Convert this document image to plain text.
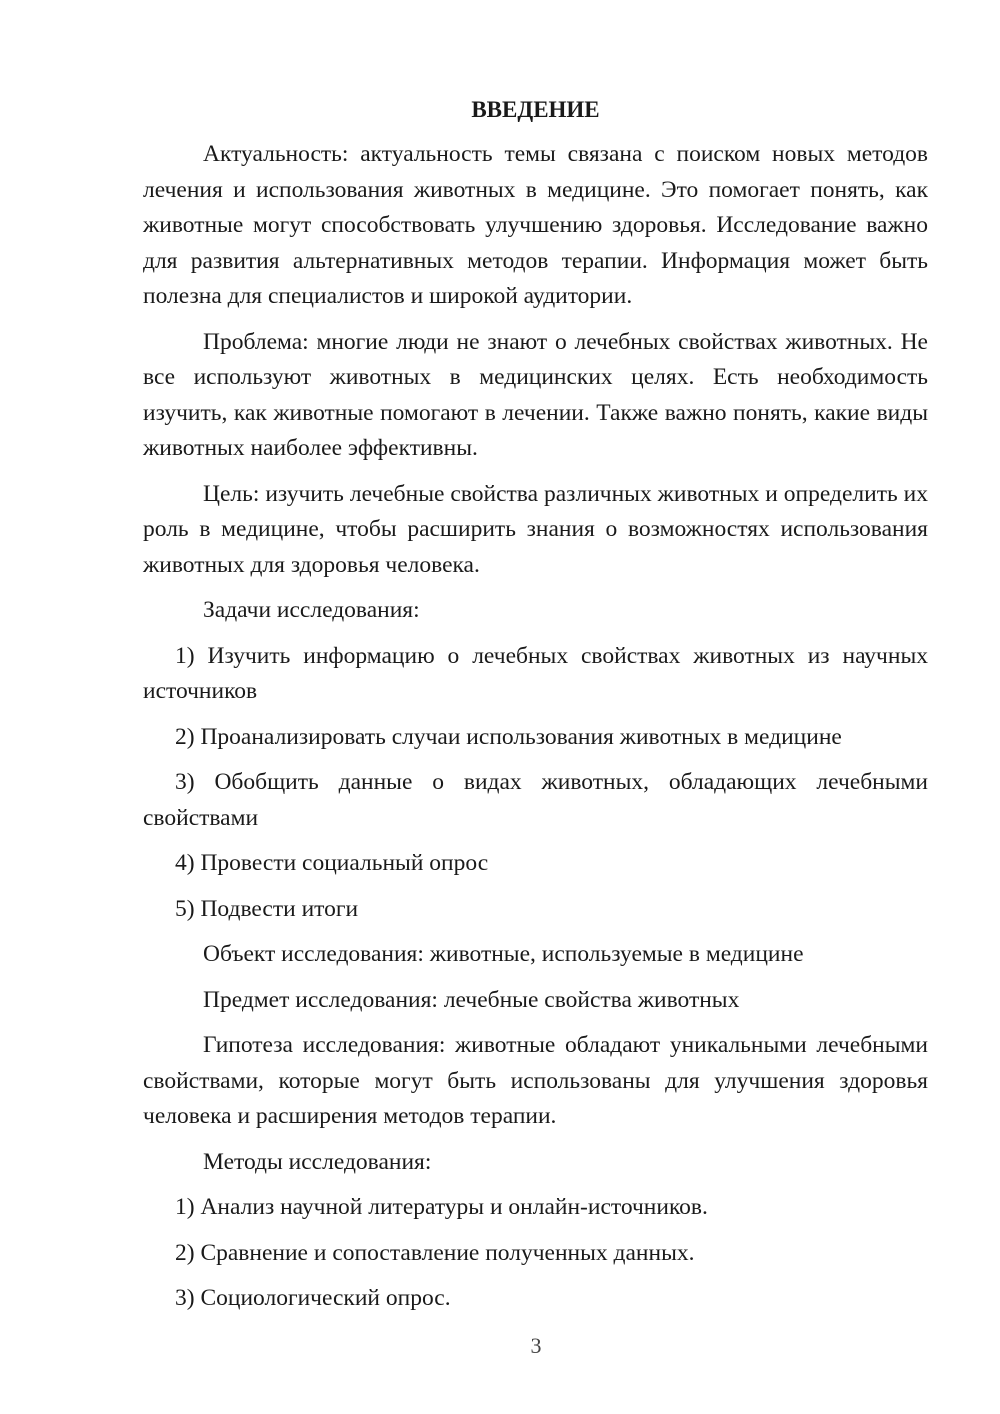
ВВЕДЕНИЕ

Актуальность: актуальность темы связана с поиском новых методов лечения и использования животных в медицине. Это помогает понять, как животные могут способствовать улучшению здоровья. Исследование важно для развития альтернативных методов терапии. Информация может быть полезна для специалистов и широкой аудитории.

Проблема: многие люди не знают о лечебных свойствах животных. Не все используют животных в медицинских целях. Есть необходимость изучить, как животные помогают в лечении. Также важно понять, какие виды животных наиболее эффективны.

Цель: изучить лечебные свойства различных животных и определить их роль в медицине, чтобы расширить знания о возможностях использования животных для здоровья человека.

Задачи исследования:

1) Изучить информацию о лечебных свойствах животных из научных источников

2) Проанализировать случаи использования животных в медицине

3) Обобщить данные о видах животных, обладающих лечебными свойствами

4) Провести социальный опрос

5) Подвести итоги

Объект исследования: животные, используемые в медицине

Предмет исследования: лечебные свойства животных

Гипотеза исследования: животные обладают уникальными лечебными свойствами, которые могут быть использованы для улучшения здоровья человека и расширения методов терапии.

Методы исследования:

1) Анализ научной литературы и онлайн-источников.

2) Сравнение и сопоставление полученных данных.

3) Социологический опрос.

3
